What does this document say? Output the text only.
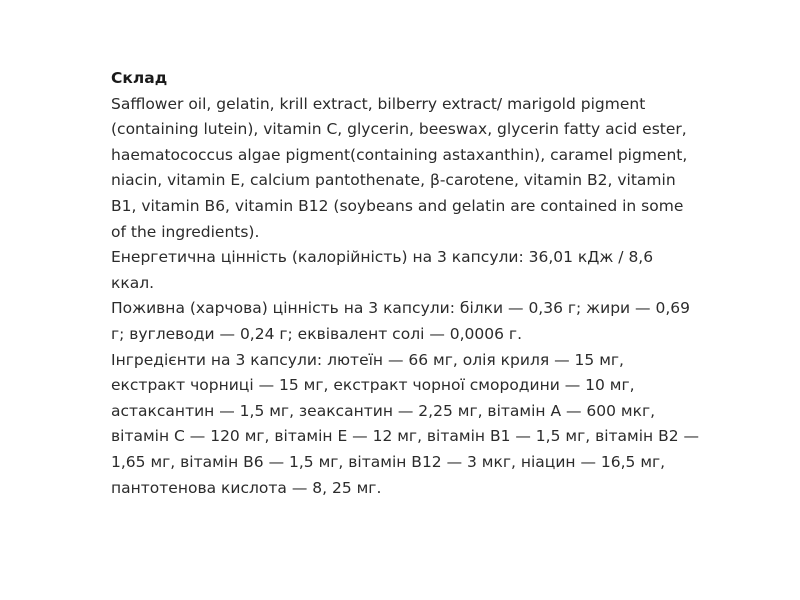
Склад

Safflower oil, gelatin, krill extract, bilberry extract/ marigold pigment (containing lutein), vitamin C, glycerin, beeswax, glycerin fatty acid ester, haematococcus algae pigment(containing astaxanthin), caramel pigment, niacin, vitamin E, calcium pantothenate, β-carotene, vitamin B2, vitamin B1, vitamin B6, vitamin B12 (soybeans and gelatin are contained in some of the ingredients).

Енергетична цінність (калорійність) на 3 капсули: 36,01 кДж / 8,6 ккал.

Поживна (харчова) цінність на 3 капсули: білки — 0,36 г; жири — 0,69 г; вуглеводи — 0,24 г; еквівалент солі — 0,0006 г.

Інгредієнти на 3 капсули: лютеїн — 66 мг, олія криля — 15 мг, екстракт чорниці — 15 мг, екстракт чорної смородини — 10 мг, астаксантин — 1,5 мг, зеаксантин — 2,25 мг, вітамін А — 600 мкг, вітамін С — 120 мг, вітамін Е — 12 мг, вітамін В1 — 1,5 мг, вітамін В2 — 1,65 мг, вітамін В6 — 1,5 мг, вітамін В12 — 3 мкг, ніацин — 16,5 мг, пантотенова кислота — 8, 25 мг.
